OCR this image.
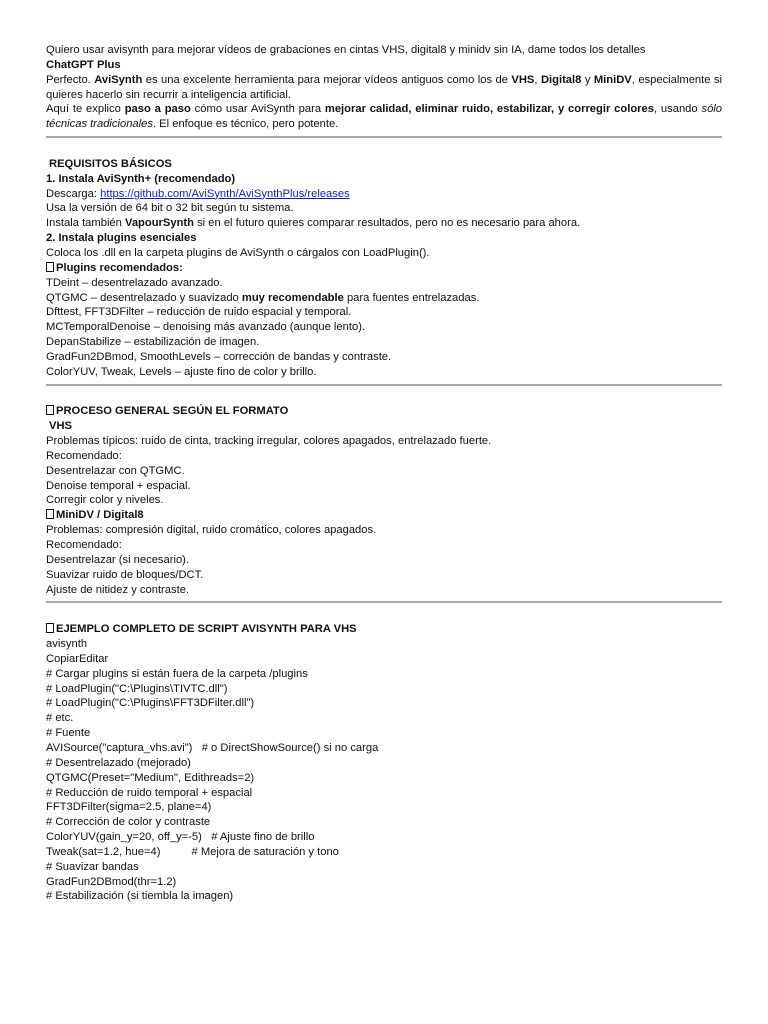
Quiero usar avisynth para mejorar vídeos de grabaciones en cintas VHS, digital8 y minidv sin IA, dame todos los detalles

ChatGPT Plus

Perfecto. AviSynth es una excelente herramienta para mejorar vídeos antiguos como los de VHS, Digital8 y MiniDV, especialmente si quieres hacerlo sin recurrir a inteligencia artificial.

Aquí te explico paso a paso cómo usar AviSynth para mejorar calidad, eliminar ruido, estabilizar, y corregir colores, usando sólo técnicas tradicionales. El enfoque es técnico, pero potente.

REQUISITOS BÁSICOS

1. Instala AviSynth+ (recomendado)

Descarga: https://github.com/AviSynth/AviSynthPlus/releases

Usa la versión de 64 bit o 32 bit según tu sistema.

Instala también VapourSynth si en el futuro quieres comparar resultados, pero no es necesario para ahora.

2. Instala plugins esenciales

Coloca los .dll en la carpeta plugins de AviSynth o cárgalos con LoadPlugin().

Plugins recomendados:

TDeint – desentrelazado avanzado.

QTGMC – desentrelazado y suavizado muy recomendable para fuentes entrelazadas.

Dfttest, FFT3DFilter – reducción de ruido espacial y temporal.

MCTemporalDenoise – denoising más avanzado (aunque lento).

DepanStabilize – estabilización de imagen.

GradFun2DBmod, SmoothLevels – corrección de bandas y contraste.

ColorYUV, Tweak, Levels – ajuste fino de color y brillo.

PROCESO GENERAL SEGÚN EL FORMATO

VHS

Problemas típicos: ruido de cinta, tracking irregular, colores apagados, entrelazado fuerte.

Recomendado:

Desentrelazar con QTGMC.

Denoise temporal + espacial.

Corregir color y niveles.

MiniDV / Digital8

Problemas: compresión digital, ruido cromático, colores apagados.

Recomendado:

Desentrelazar (si necesario).

Suavizar ruido de bloques/DCT.

Ajuste de nitidez y contraste.

EJEMPLO COMPLETO DE SCRIPT AVISYNTH PARA VHS

avisynth

CopiarEditar

# Cargar plugins si están fuera de la carpeta /plugins

# LoadPlugin("C:\Plugins\TIVTC.dll")

# LoadPlugin("C:\Plugins\FFT3DFilter.dll")

# etc.

# Fuente

AVISource("captura_vhs.avi")   # o DirectShowSource() si no carga

# Desentrelazado (mejorado)

QTGMC(Preset="Medium", Edithreads=2)

# Reducción de ruido temporal + espacial

FFT3DFilter(sigma=2.5, plane=4)

# Corrección de color y contraste

ColorYUV(gain_y=20, off_y=-5)   # Ajuste fino de brillo

Tweak(sat=1.2, hue=4)          # Mejora de saturación y tono

# Suavizar bandas

GradFun2DBmod(thr=1.2)

# Estabilización (si tiembla la imagen)
